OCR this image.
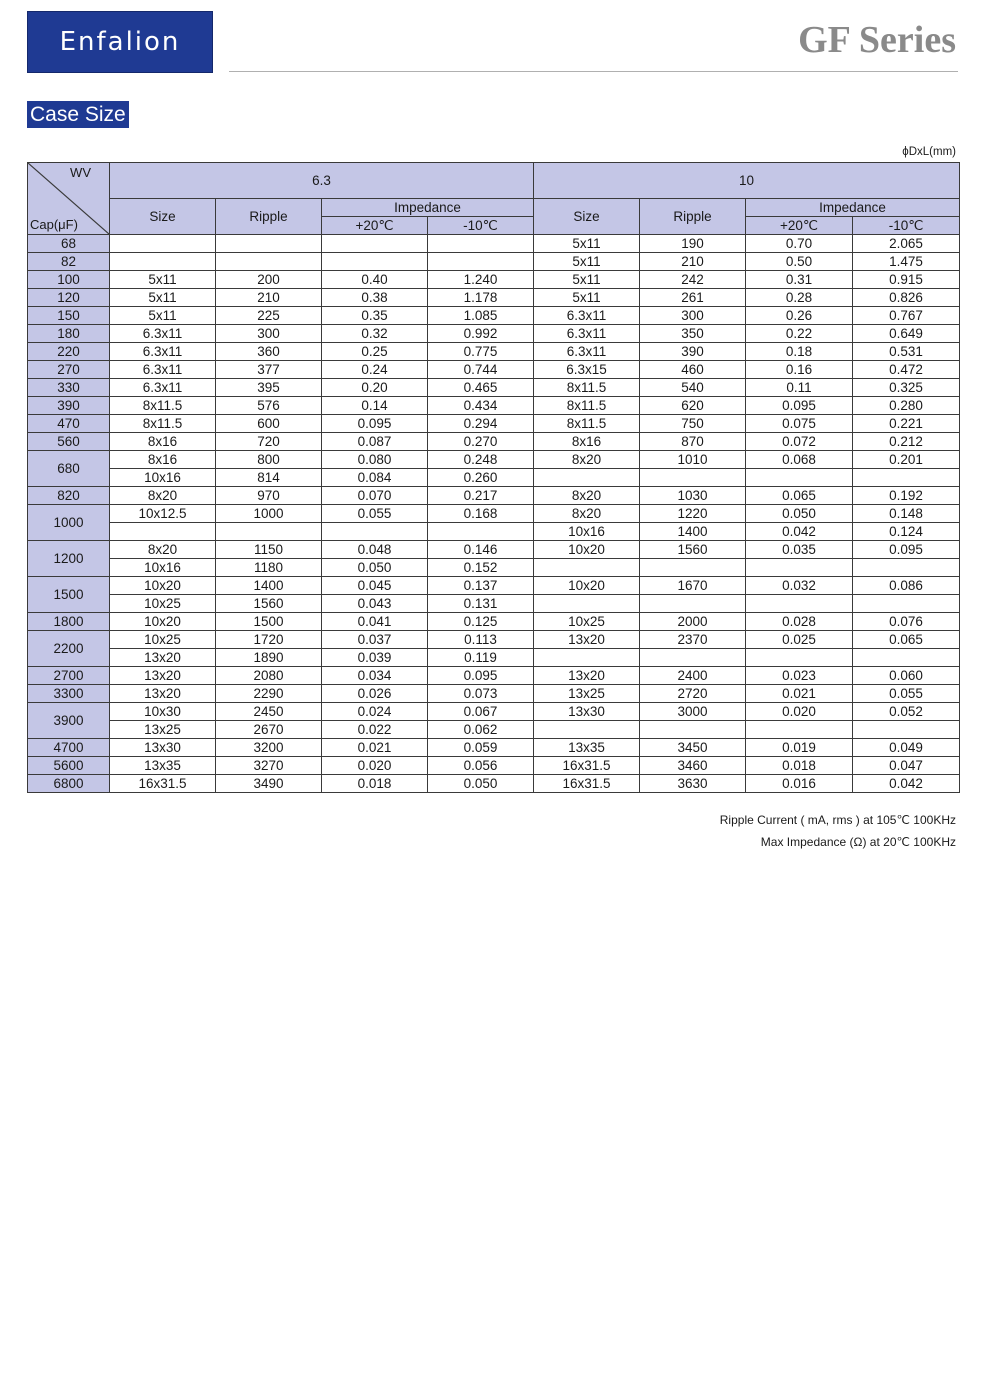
Enfalion	GF Series
Case Size
ϕDxL(mm)
WV
Cap(μF)	6.3				10			
	Size	Ripple	Impedance		Size	Ripple	Impedance	
			+20℃	-10℃			+20℃	-10℃
68					5x11	190	0.70	2.065
82					5x11	210	0.50	1.475
100	5x11	200	0.40	1.240	5x11	242	0.31	0.915
120	5x11	210	0.38	1.178	5x11	261	0.28	0.826
150	5x11	225	0.35	1.085	6.3x11	300	0.26	0.767
180	6.3x11	300	0.32	0.992	6.3x11	350	0.22	0.649
220	6.3x11	360	0.25	0.775	6.3x11	390	0.18	0.531
270	6.3x11	377	0.24	0.744	6.3x15	460	0.16	0.472
330	6.3x11	395	0.20	0.465	8x11.5	540	0.11	0.325
390	8x11.5	576	0.14	0.434	8x11.5	620	0.095	0.280
470	8x11.5	600	0.095	0.294	8x11.5	750	0.075	0.221
560	8x16	720	0.087	0.270	8x16	870	0.072	0.212
680	8x16	800	0.080	0.248	8x20	1010	0.068	0.201
	10x16	814	0.084	0.260				
820	8x20	970	0.070	0.217	8x20	1030	0.065	0.192
1000	10x12.5	1000	0.055	0.168	8x20	1220	0.050	0.148
					10x16	1400	0.042	0.124
1200	8x20	1150	0.048	0.146	10x20	1560	0.035	0.095
	10x16	1180	0.050	0.152				
1500	10x20	1400	0.045	0.137	10x20	1670	0.032	0.086
	10x25	1560	0.043	0.131				
1800	10x20	1500	0.041	0.125	10x25	2000	0.028	0.076
2200	10x25	1720	0.037	0.113	13x20	2370	0.025	0.065
	13x20	1890	0.039	0.119				
2700	13x20	2080	0.034	0.095	13x20	2400	0.023	0.060
3300	13x20	2290	0.026	0.073	13x25	2720	0.021	0.055
3900	10x30	2450	0.024	0.067	13x30	3000	0.020	0.052
	13x25	2670	0.022	0.062				
4700	13x30	3200	0.021	0.059	13x35	3450	0.019	0.049
5600	13x35	3270	0.020	0.056	16x31.5	3460	0.018	0.047
6800	16x31.5	3490	0.018	0.050	16x31.5	3630	0.016	0.042
Ripple Current ( mA, rms ) at 105℃ 100KHz
Max Impedance (Ω) at 20℃ 100KHz
